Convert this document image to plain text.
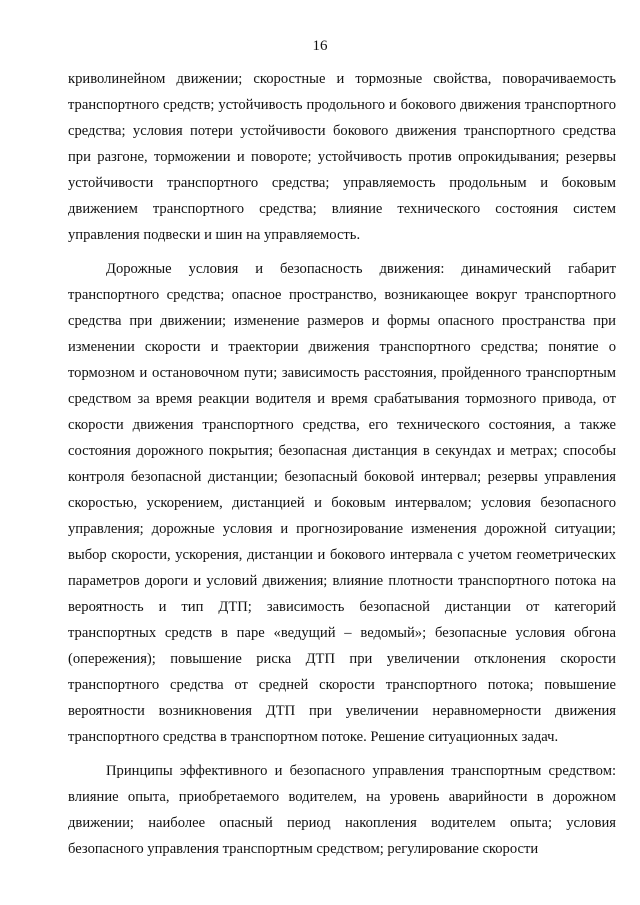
16

криволинейном движении; скоростные и тормозные свойства, поворачиваемость транспортного средств; устойчивость продольного и бокового движения транспортного средства; условия потери устойчивости бокового движения транспортного средства при разгоне, торможении и повороте; устойчивость против опрокидывания; резервы устойчивости транспортного средства; управляемость продольным и боковым движением транспортного средства; влияние технического состояния систем управления подвески и шин на управляемость.

Дорожные условия и безопасность движения: динамический габарит транспортного средства; опасное пространство, возникающее вокруг транспортного средства при движении; изменение размеров и формы опасного пространства при изменении скорости и траектории движения транспортного средства; понятие о тормозном и остановочном пути; зависимость расстояния, пройденного транспортным средством за время реакции водителя и время срабатывания тормозного привода, от скорости движения транспортного средства, его технического состояния, а также состояния дорожного покрытия; безопасная дистанция в секундах и метрах; способы контроля безопасной дистанции; безопасный боковой интервал; резервы управления скоростью, ускорением, дистанцией и боковым интервалом; условия безопасного управления; дорожные условия и прогнозирование изменения дорожной ситуации; выбор скорости, ускорения, дистанции и бокового интервала с учетом геометрических параметров дороги и условий движения; влияние плотности транспортного потока на вероятность и тип ДТП; зависимость безопасной дистанции от категорий транспортных средств в паре «ведущий – ведомый»; безопасные условия обгона (опережения); повышение риска ДТП при увеличении отклонения скорости транспортного средства от средней скорости транспортного потока; повышение вероятности возникновения ДТП при увеличении неравномерности движения транспортного средства в транспортном потоке. Решение ситуационных задач.

Принципы эффективного и безопасного управления транспортным средством: влияние опыта, приобретаемого водителем, на уровень аварийности в дорожном движении; наиболее опасный период накопления водителем опыта; условия безопасного управления транспортным средством; регулирование скорости
